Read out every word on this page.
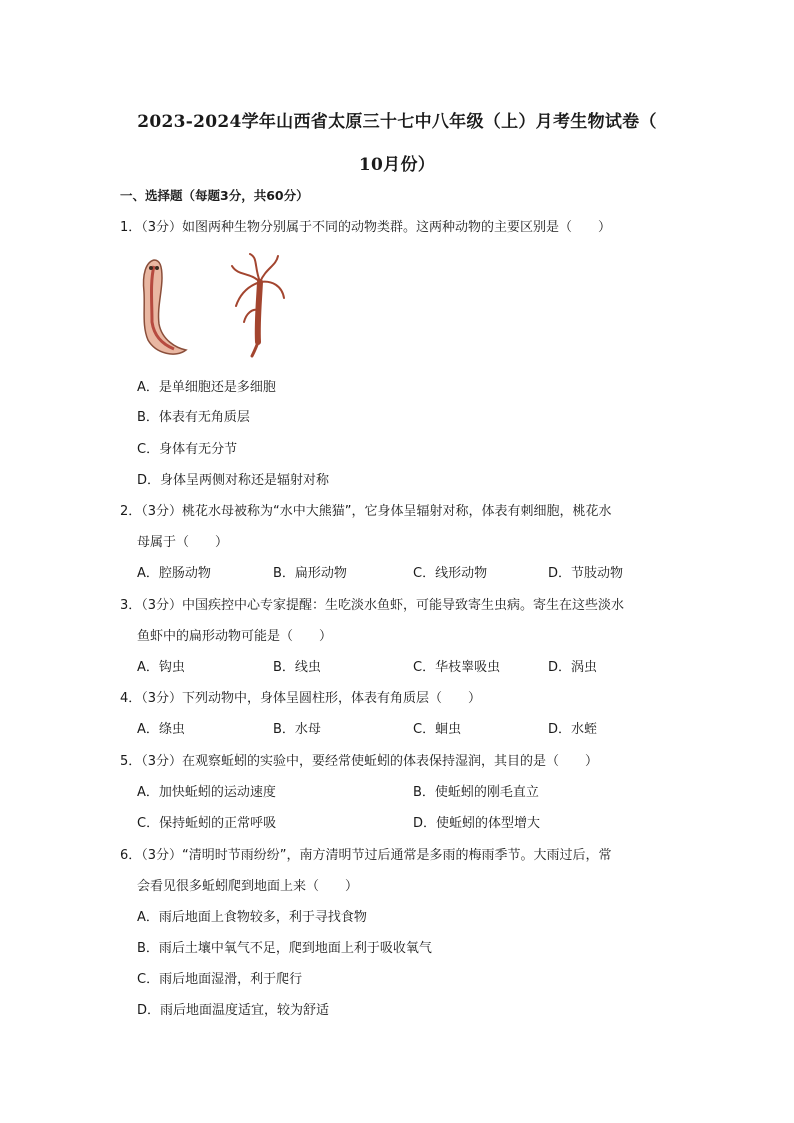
2023-2024学年山西省太原三十七中八年级（上）月考生物试卷（
10月份）
一、选择题（每题3分，共60分）
1．（3分）如图两种生物分别属于不同的动物类群。这两种动物的主要区别是（　　）
A．是单细胞还是多细胞
B．体表有无角质层
C．身体有无分节
D．身体呈两侧对称还是辐射对称
2．（3分）桃花水母被称为“水中大熊猫”，它身体呈辐射对称，体表有刺细胞，桃花水
母属于（　　）
A．腔肠动物	B．扁形动物	C．线形动物	D．节肢动物
3．（3分）中国疾控中心专家提醒：生吃淡水鱼虾，可能导致寄生虫病。寄生在这些淡水
鱼虾中的扁形动物可能是（　　）
A．钩虫	B．线虫	C．华枝睾吸虫	D．涡虫
4．（3分）下列动物中，身体呈圆柱形，体表有角质层（　　）
A．绦虫	B．水母	C．蛔虫	D．水蛭
5．（3分）在观察蚯蚓的实验中，要经常使蚯蚓的体表保持湿润，其目的是（　　）
A．加快蚯蚓的运动速度	B．使蚯蚓的刚毛直立
C．保持蚯蚓的正常呼吸	D．使蚯蚓的体型增大
6．（3分）“清明时节雨纷纷”，南方清明节过后通常是多雨的梅雨季节。大雨过后，常
会看见很多蚯蚓爬到地面上来（　　）
A．雨后地面上食物较多，利于寻找食物
B．雨后土壤中氧气不足，爬到地面上利于吸收氧气
C．雨后地面湿滑，利于爬行
D．雨后地面温度适宜，较为舒适
